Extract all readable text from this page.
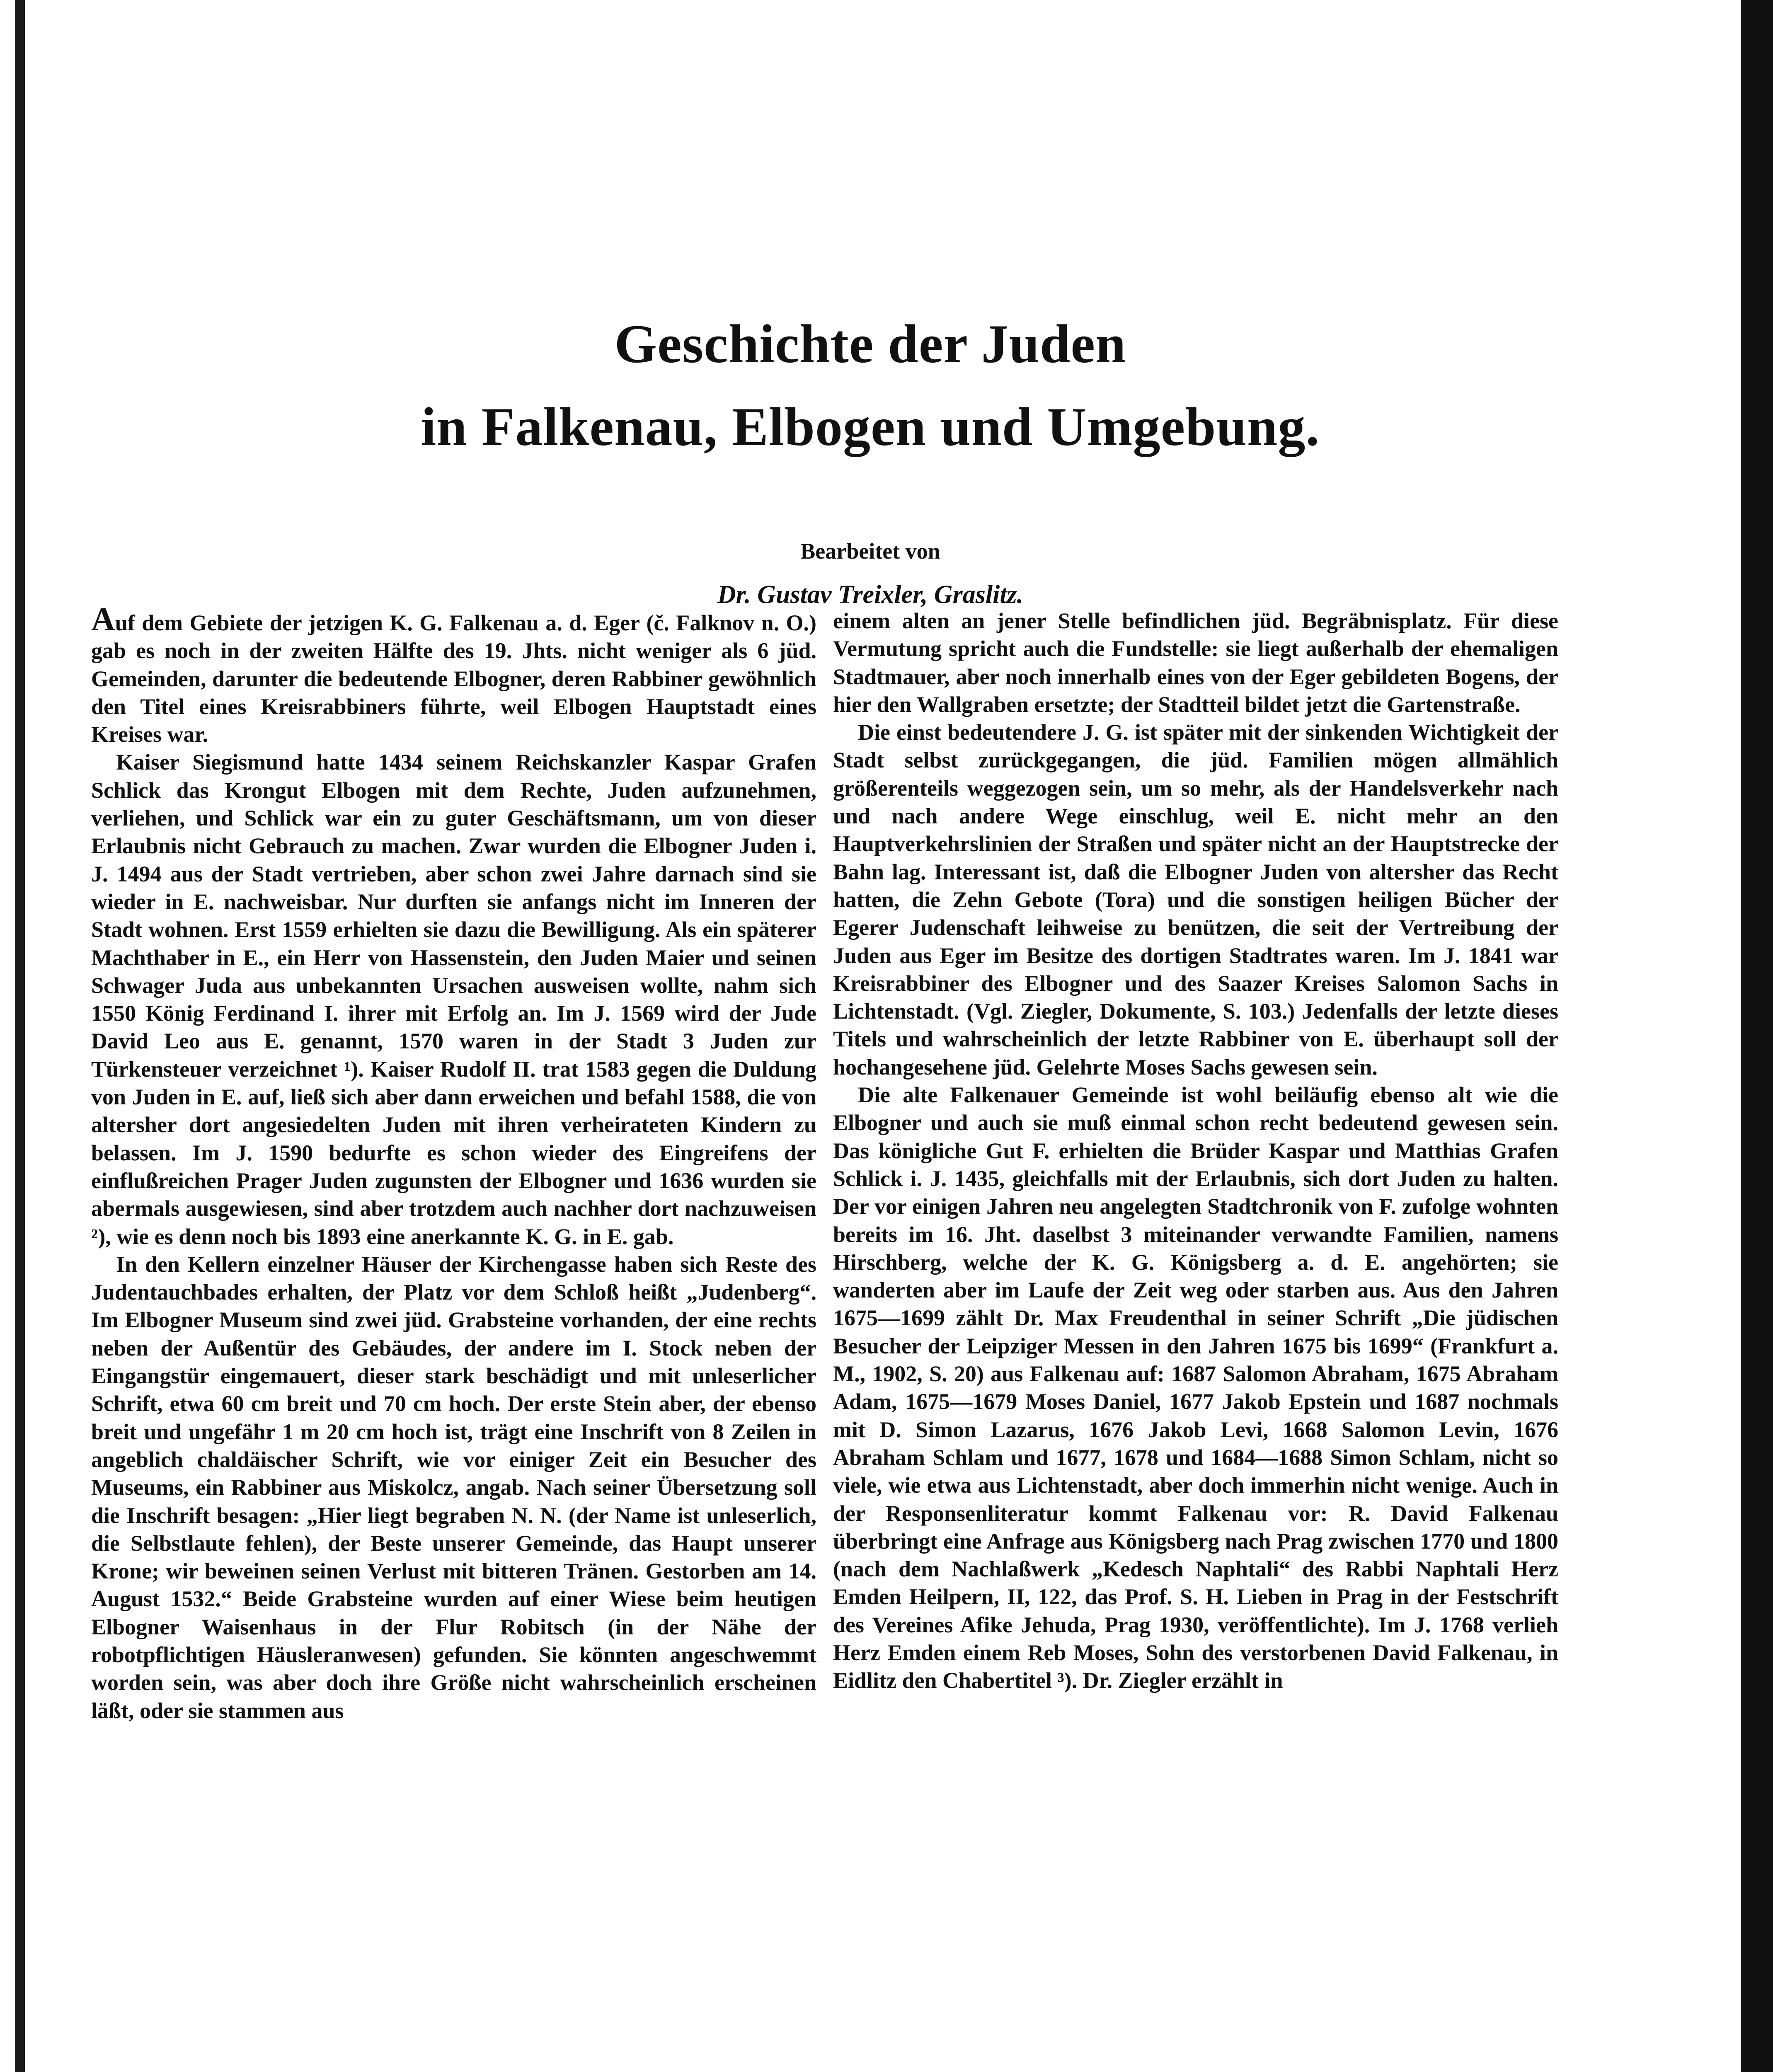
Geschichte der Juden
in Falkenau, Elbogen und Umgebung.
Bearbeitet von
Dr. Gustav Treixler, Graslitz.

Auf dem Gebiete der jetzigen K. G. Falkenau a. d. Eger (č. Falknov n. O.) gab es noch in der zweiten Hälfte des 19. Jhts. nicht weniger als 6 jüd. Gemeinden, darunter die bedeutende Elbogner, deren Rabbiner gewöhnlich den Titel eines Kreisrabbiners führte, weil Elbogen Hauptstadt eines Kreises war.

Kaiser Siegismund hatte 1434 seinem Reichskanzler Kaspar Grafen Schlick das Krongut Elbogen mit dem Rechte, Juden aufzunehmen, verliehen, und Schlick war ein zu guter Geschäftsmann, um von dieser Erlaubnis nicht Gebrauch zu machen. Zwar wurden die Elbogner Juden i. J. 1494 aus der Stadt vertrieben, aber schon zwei Jahre darnach sind sie wieder in E. nachweisbar. Nur durften sie anfangs nicht im Inneren der Stadt wohnen. Erst 1559 erhielten sie dazu die Bewilligung. Als ein späterer Machthaber in E., ein Herr von Hassenstein, den Juden Maier und seinen Schwager Juda aus unbekannten Ursachen ausweisen wollte, nahm sich 1550 König Ferdinand I. ihrer mit Erfolg an. Im J. 1569 wird der Jude David Leo aus E. genannt, 1570 waren in der Stadt 3 Juden zur Türkensteuer verzeichnet ¹). Kaiser Rudolf II. trat 1583 gegen die Duldung von Juden in E. auf, ließ sich aber dann erweichen und befahl 1588, die von altersher dort angesiedelten Juden mit ihren verheirateten Kindern zu belassen. Im J. 1590 bedurfte es schon wieder des Eingreifens der einflußreichen Prager Juden zugunsten der Elbogner und 1636 wurden sie abermals ausgewiesen, sind aber trotzdem auch nachher dort nachzuweisen ²), wie es denn noch bis 1893 eine anerkannte K. G. in E. gab.

In den Kellern einzelner Häuser der Kirchengasse haben sich Reste des Judentauchbades erhalten, der Platz vor dem Schloß heißt „Judenberg“. Im Elbogner Museum sind zwei jüd. Grabsteine vorhanden, der eine rechts neben der Außentür des Gebäudes, der andere im I. Stock neben der Eingangstür eingemauert, dieser stark beschädigt und mit unleserlicher Schrift, etwa 60 cm breit und 70 cm hoch. Der erste Stein aber, der ebenso breit und ungefähr 1 m 20 cm hoch ist, trägt eine Inschrift von 8 Zeilen in angeblich chaldäischer Schrift, wie vor einiger Zeit ein Besucher des Museums, ein Rabbiner aus Miskolcz, angab. Nach seiner Übersetzung soll die Inschrift besagen: „Hier liegt begraben N. N. (der Name ist unleserlich, die Selbstlaute fehlen), der Beste unserer Gemeinde, das Haupt unserer Krone; wir beweinen seinen Verlust mit bitteren Tränen. Gestorben am 14. August 1532.“ Beide Grabsteine wurden auf einer Wiese beim heutigen Elbogner Waisenhaus in der Flur Robitsch (in der Nähe der robotpflichtigen Häusleranwesen) gefunden. Sie könnten angeschwemmt worden sein, was aber doch ihre Größe nicht wahrscheinlich erscheinen läßt, oder sie stammen aus

einem alten an jener Stelle befindlichen jüd. Begräbnisplatz. Für diese Vermutung spricht auch die Fundstelle: sie liegt außerhalb der ehemaligen Stadtmauer, aber noch innerhalb eines von der Eger gebildeten Bogens, der hier den Wallgraben ersetzte; der Stadtteil bildet jetzt die Gartenstraße.

Die einst bedeutendere J. G. ist später mit der sinkenden Wichtigkeit der Stadt selbst zurückgegangen, die jüd. Familien mögen allmählich größerenteils weggezogen sein, um so mehr, als der Handelsverkehr nach und nach andere Wege einschlug, weil E. nicht mehr an den Hauptverkehrslinien der Straßen und später nicht an der Hauptstrecke der Bahn lag. Interessant ist, daß die Elbogner Juden von altersher das Recht hatten, die Zehn Gebote (Tora) und die sonstigen heiligen Bücher der Egerer Judenschaft leihweise zu benützen, die seit der Vertreibung der Juden aus Eger im Besitze des dortigen Stadtrates waren. Im J. 1841 war Kreisrabbiner des Elbogner und des Saazer Kreises Salomon Sachs in Lichtenstadt. (Vgl. Ziegler, Dokumente, S. 103.) Jedenfalls der letzte dieses Titels und wahrscheinlich der letzte Rabbiner von E. überhaupt soll der hochangesehene jüd. Gelehrte Moses Sachs gewesen sein.

Die alte Falkenauer Gemeinde ist wohl beiläufig ebenso alt wie die Elbogner und auch sie muß einmal schon recht bedeutend gewesen sein. Das königliche Gut F. erhielten die Brüder Kaspar und Matthias Grafen Schlick i. J. 1435, gleichfalls mit der Erlaubnis, sich dort Juden zu halten. Der vor einigen Jahren neu angelegten Stadtchronik von F. zufolge wohnten bereits im 16. Jht. daselbst 3 miteinander verwandte Familien, namens Hirschberg, welche der K. G. Königsberg a. d. E. angehörten; sie wanderten aber im Laufe der Zeit weg oder starben aus. Aus den Jahren 1675—1699 zählt Dr. Max Freudenthal in seiner Schrift „Die jüdischen Besucher der Leipziger Messen in den Jahren 1675 bis 1699“ (Frankfurt a. M., 1902, S. 20) aus Falkenau auf: 1687 Salomon Abraham, 1675 Abraham Adam, 1675—1679 Moses Daniel, 1677 Jakob Epstein und 1687 nochmals mit D. Simon Lazarus, 1676 Jakob Levi, 1668 Salomon Levin, 1676 Abraham Schlam und 1677, 1678 und 1684—1688 Simon Schlam, nicht so viele, wie etwa aus Lichtenstadt, aber doch immerhin nicht wenige. Auch in der Responsenliteratur kommt Falkenau vor: R. David Falkenau überbringt eine Anfrage aus Königsberg nach Prag zwischen 1770 und 1800 (nach dem Nachlaßwerk „Kedesch Naphtali“ des Rabbi Naphtali Herz Emden Heilpern, II, 122, das Prof. S. H. Lieben in Prag in der Festschrift des Vereines Afike Jehuda, Prag 1930, veröffentlichte). Im J. 1768 verlieh Herz Emden einem Reb Moses, Sohn des verstorbenen David Falkenau, in Eidlitz den Chabertitel ³). Dr. Ziegler erzählt in
